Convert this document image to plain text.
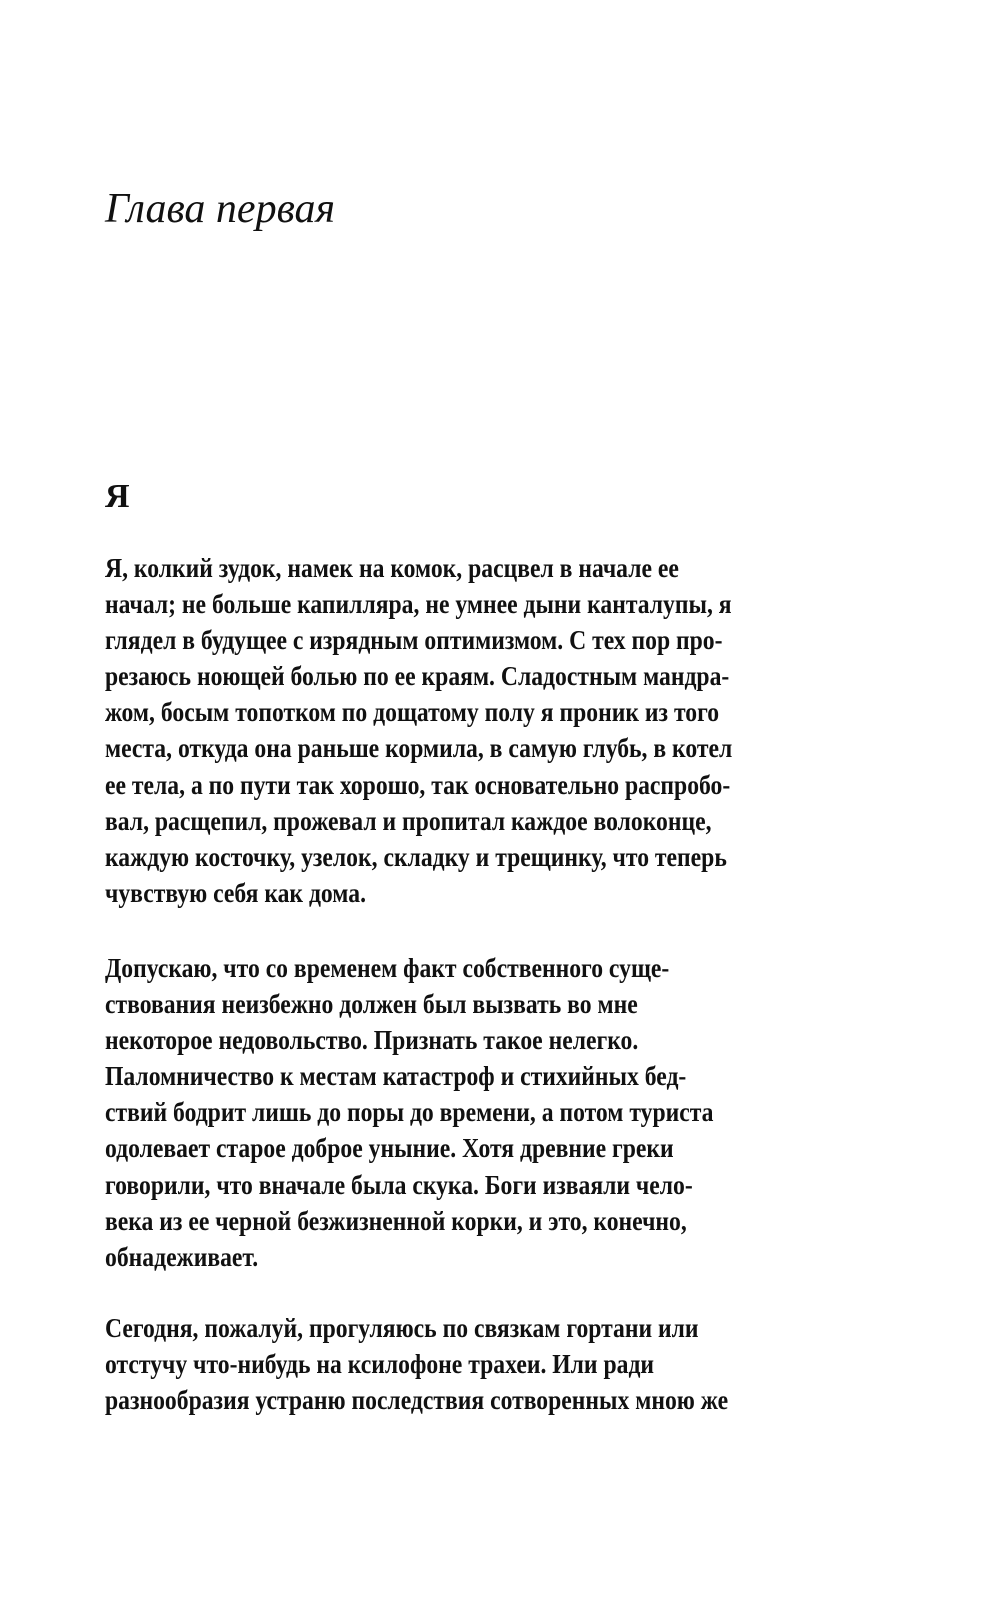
Глава первая
Я
Я, колкий зудок, намек на комок, расцвел в начале ее
начал; не больше капилляра, не умнее дыни канталупы, я
глядел в будущее с изрядным оптимизмом. С тех пор про-
резаюсь ноющей болью по ее краям. Сладостным мандра-
жом, босым топотком по дощатому полу я проник из того
места, откуда она раньше кормила, в самую глубь, в котел
ее тела, а по пути так хорошо, так основательно распробо-
вал, расщепил, прожевал и пропитал каждое волоконце,
каждую косточку, узелок, складку и трещинку, что теперь
чувствую себя как дома.
Допускаю, что со временем факт собственного суще-
ствования неизбежно должен был вызвать во мне
некоторое недовольство. Признать такое нелегко.
Паломничество к местам катастроф и стихийных бед-
ствий бодрит лишь до поры до времени, а потом туриста
одолевает старое доброе уныние. Хотя древние греки
говорили, что вначале была скука. Боги изваяли чело-
века из ее черной безжизненной корки, и это, конечно,
обнадеживает.
Сегодня, пожалуй, прогуляюсь по связкам гортани или
отстучу что-нибудь на ксилофоне трахеи. Или ради
разнообразия устраню последствия сотворенных мною же
